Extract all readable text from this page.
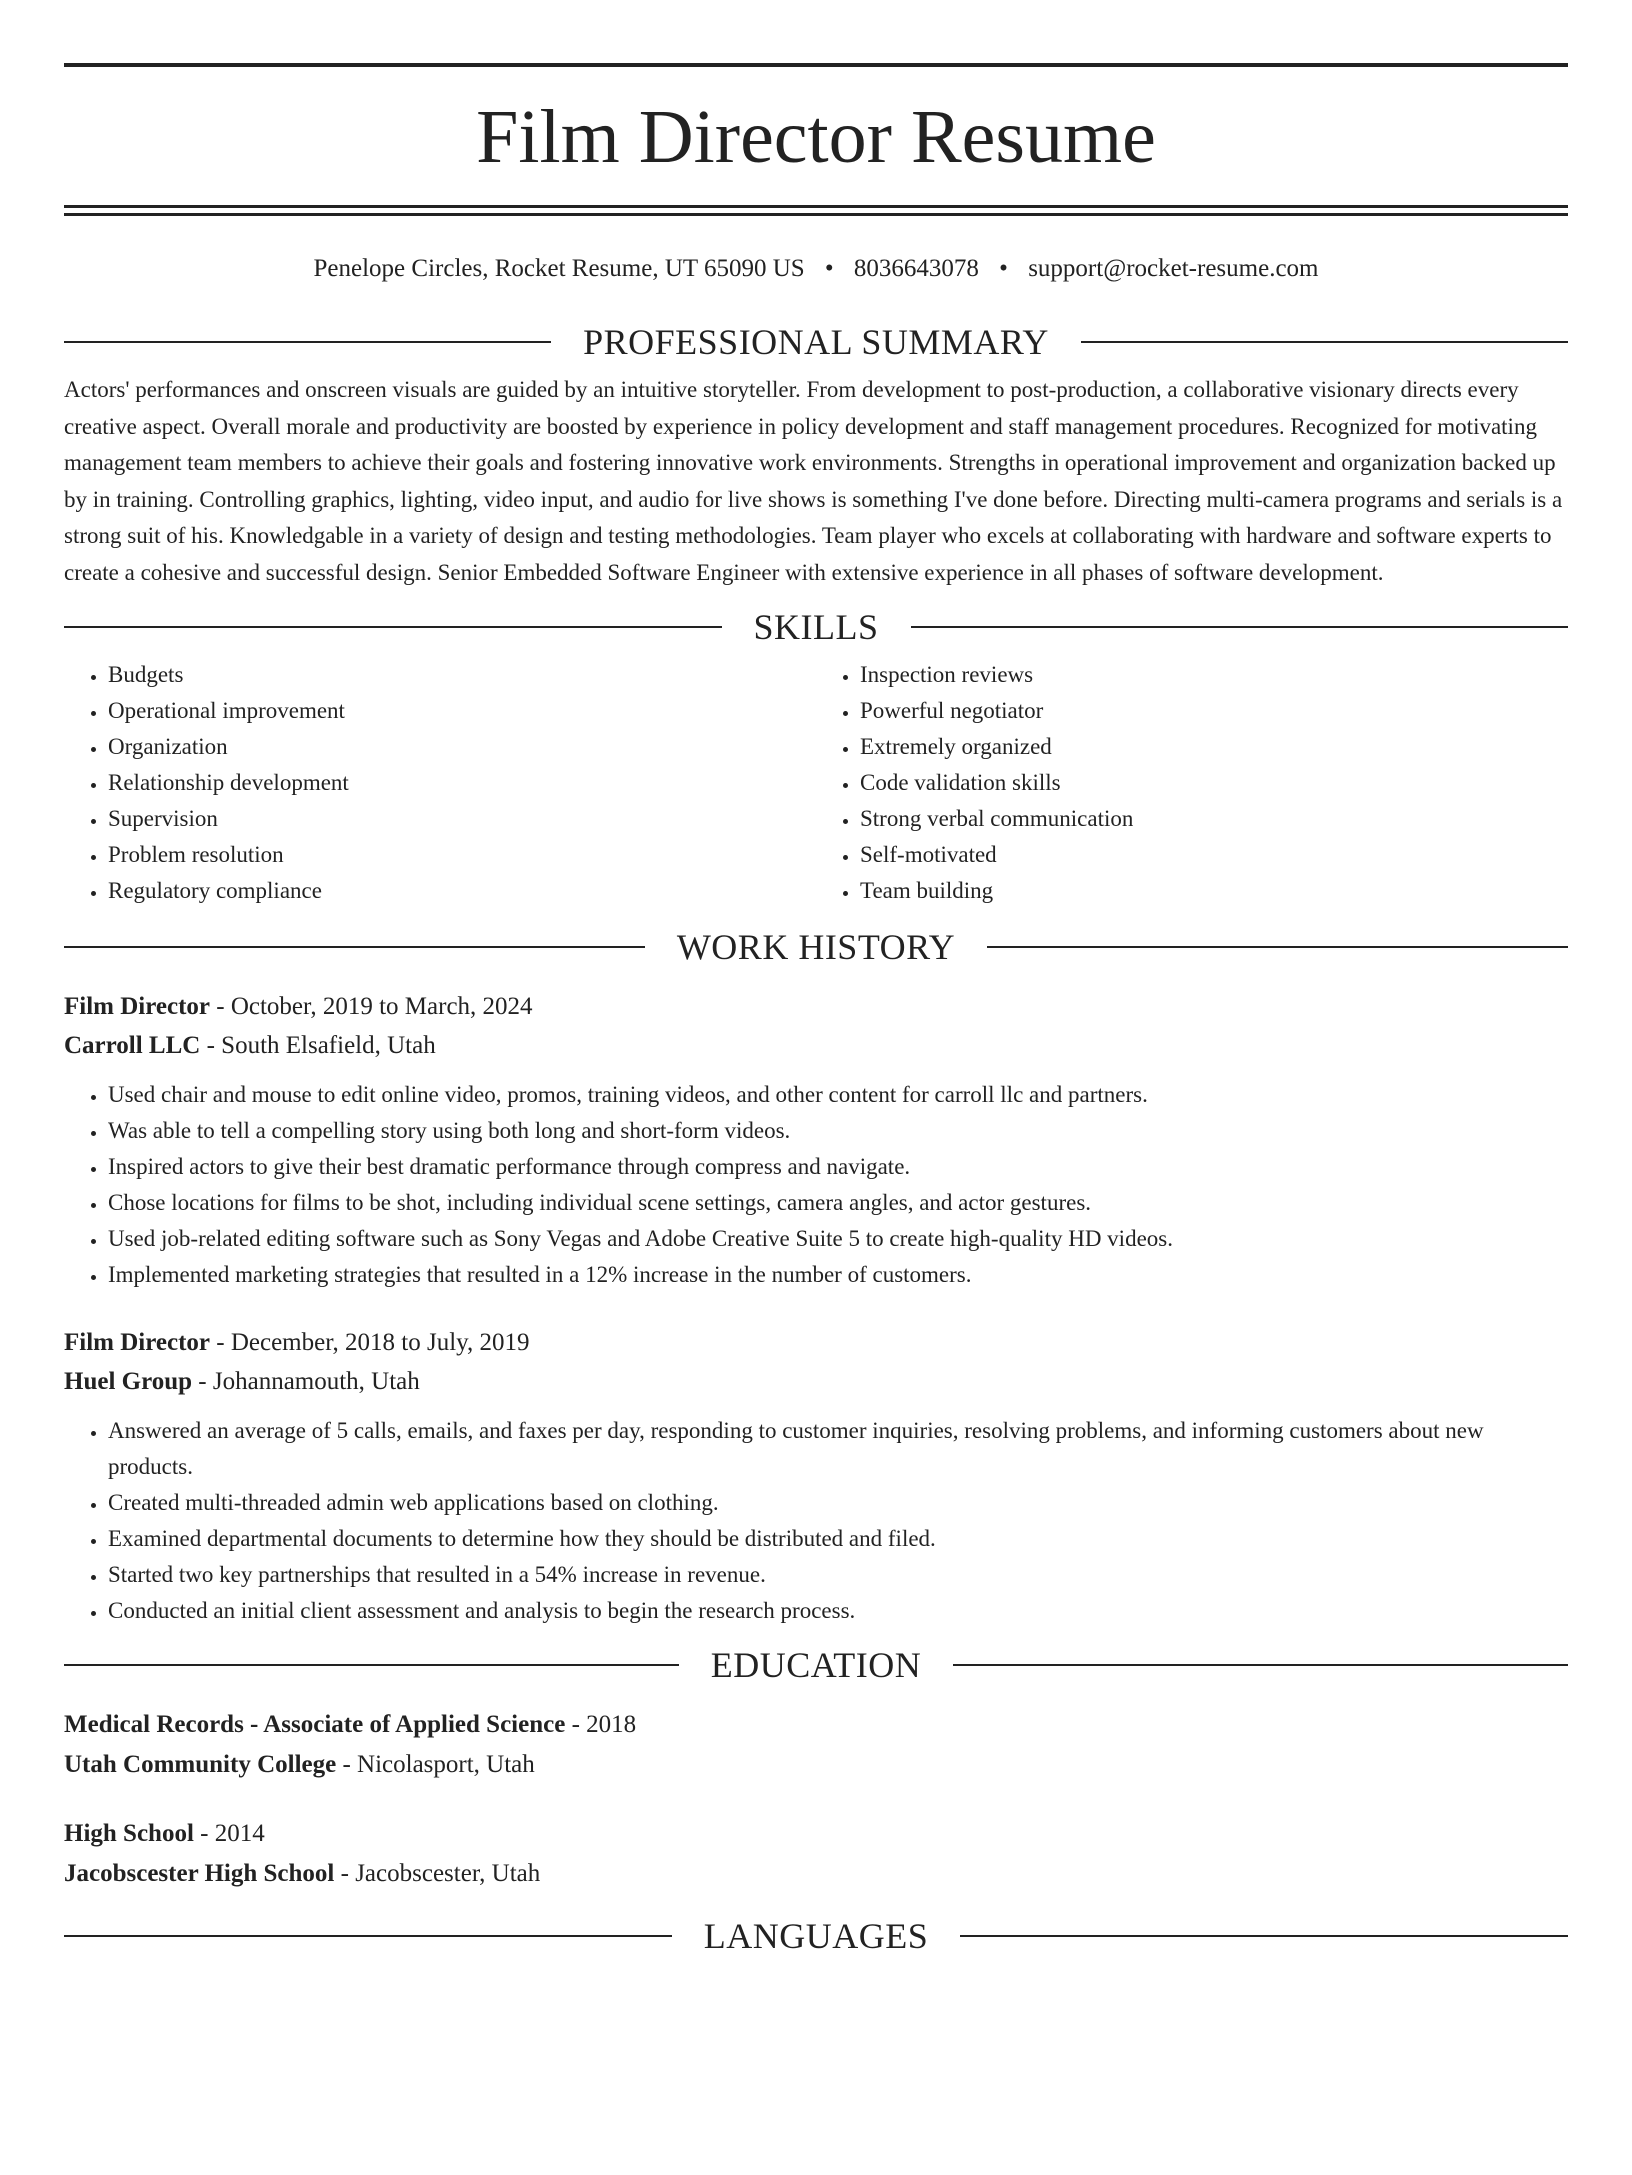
Film Director Resume
Penelope Circles, Rocket Resume, UT 65090 US • 8036643078 • support@rocket-resume.com
PROFESSIONAL SUMMARY

Actors' performances and onscreen visuals are guided by an intuitive storyteller. From development to post-production, a collaborative visionary directs every creative aspect. Overall morale and productivity are boosted by experience in policy development and staff management procedures. Recognized for motivating management team members to achieve their goals and fostering innovative work environments. Strengths in operational improvement and organization backed up by in training. Controlling graphics, lighting, video input, and audio for live shows is something I've done before. Directing multi-camera programs and serials is a strong suit of his. Knowledgable in a variety of design and testing methodologies. Team player who excels at collaborating with hardware and software experts to create a cohesive and successful design. Senior Embedded Software Engineer with extensive experience in all phases of software development.

SKILLS
• Budgets
• Operational improvement
• Organization
• Relationship development
• Supervision
• Problem resolution
• Regulatory compliance
• Inspection reviews
• Powerful negotiator
• Extremely organized
• Code validation skills
• Strong verbal communication
• Self-motivated
• Team building
WORK HISTORY
Film Director - October, 2019 to March, 2024
Carroll LLC - South Elsafield, Utah
• Used chair and mouse to edit online video, promos, training videos, and other content for carroll llc and partners.
• Was able to tell a compelling story using both long and short-form videos.
• Inspired actors to give their best dramatic performance through compress and navigate.
• Chose locations for films to be shot, including individual scene settings, camera angles, and actor gestures.
• Used job-related editing software such as Sony Vegas and Adobe Creative Suite 5 to create high-quality HD videos.
• Implemented marketing strategies that resulted in a 12% increase in the number of customers.
Film Director - December, 2018 to July, 2019
Huel Group - Johannamouth, Utah
• Answered an average of 5 calls, emails, and faxes per day, responding to customer inquiries, resolving problems, and informing customers about new products.
• Created multi-threaded admin web applications based on clothing.
• Examined departmental documents to determine how they should be distributed and filed.
• Started two key partnerships that resulted in a 54% increase in revenue.
• Conducted an initial client assessment and analysis to begin the research process.
EDUCATION
Medical Records - Associate of Applied Science - 2018
Utah Community College - Nicolasport, Utah
High School - 2014
Jacobscester High School - Jacobscester, Utah
LANGUAGES
